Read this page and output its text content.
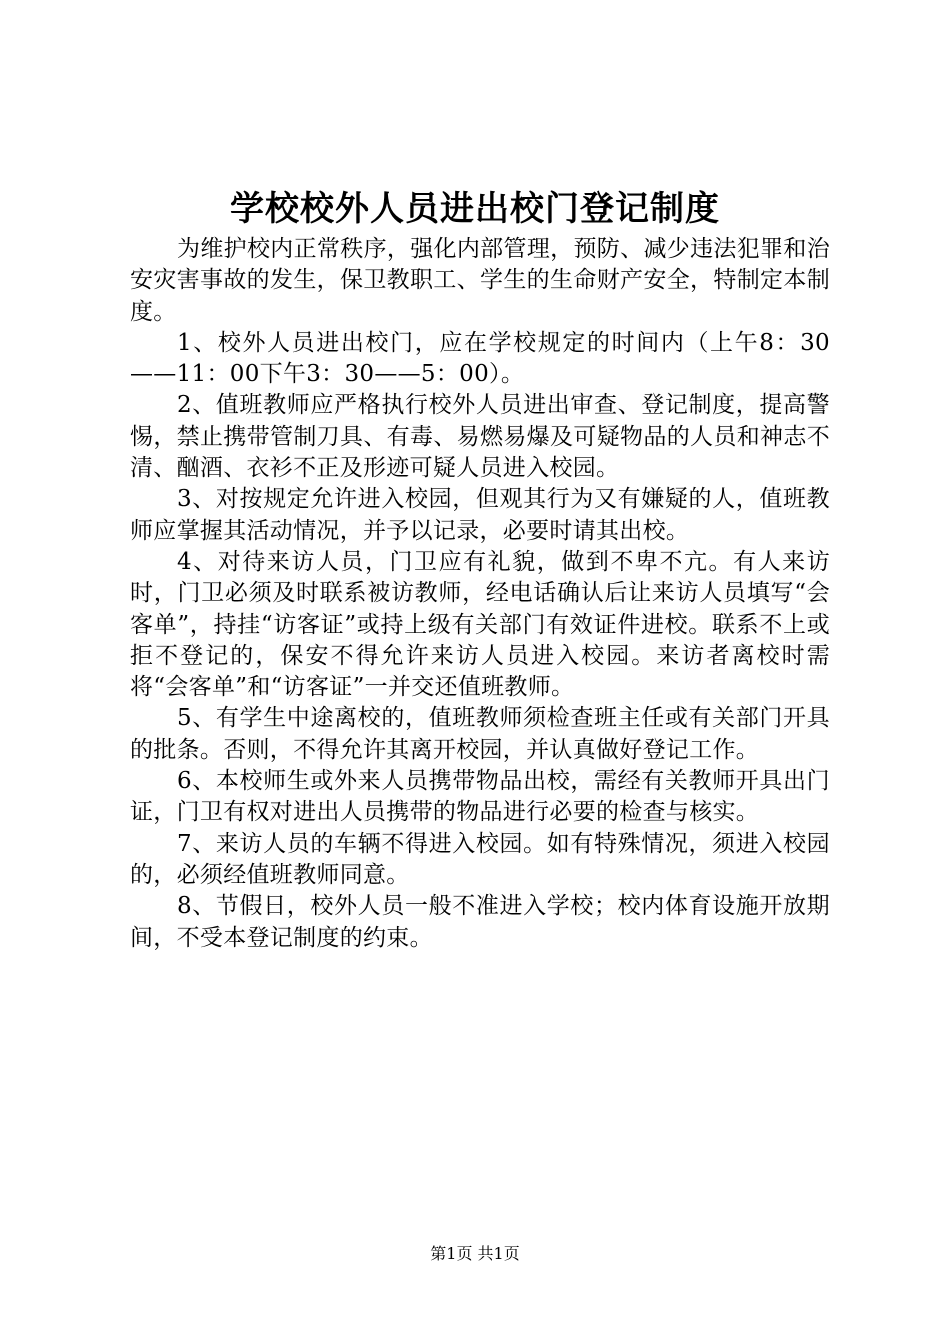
学校校外人员进出校门登记制度

为维护校内正常秩序，强化内部管理，预防、减少违法犯罪和治安灾害事故的发生，保卫教职工、学生的生命财产安全，特制定本制度。

1、校外人员进出校门，应在学校规定的时间内（上午8：30——11：00下午3：30——5：00）。

2、值班教师应严格执行校外人员进出审查、登记制度，提高警惕，禁止携带管制刀具、有毒、易燃易爆及可疑物品的人员和神志不清、酗酒、衣衫不正及形迹可疑人员进入校园。

3、对按规定允许进入校园，但观其行为又有嫌疑的人，值班教师应掌握其活动情况，并予以记录，必要时请其出校。

4、对待来访人员，门卫应有礼貌，做到不卑不亢。有人来访时，门卫必须及时联系被访教师，经电话确认后让来访人员填写“会客单”，持挂“访客证”或持上级有关部门有效证件进校。联系不上或拒不登记的，保安不得允许来访人员进入校园。来访者离校时需将“会客单”和“访客证”一并交还值班教师。

5、有学生中途离校的，值班教师须检查班主任或有关部门开具的批条。否则，不得允许其离开校园，并认真做好登记工作。

6、本校师生或外来人员携带物品出校，需经有关教师开具出门证，门卫有权对进出人员携带的物品进行必要的检查与核实。

7、来访人员的车辆不得进入校园。如有特殊情况，须进入校园的，必须经值班教师同意。

8、节假日，校外人员一般不准进入学校；校内体育设施开放期间，不受本登记制度的约束。

第1页 共1页
